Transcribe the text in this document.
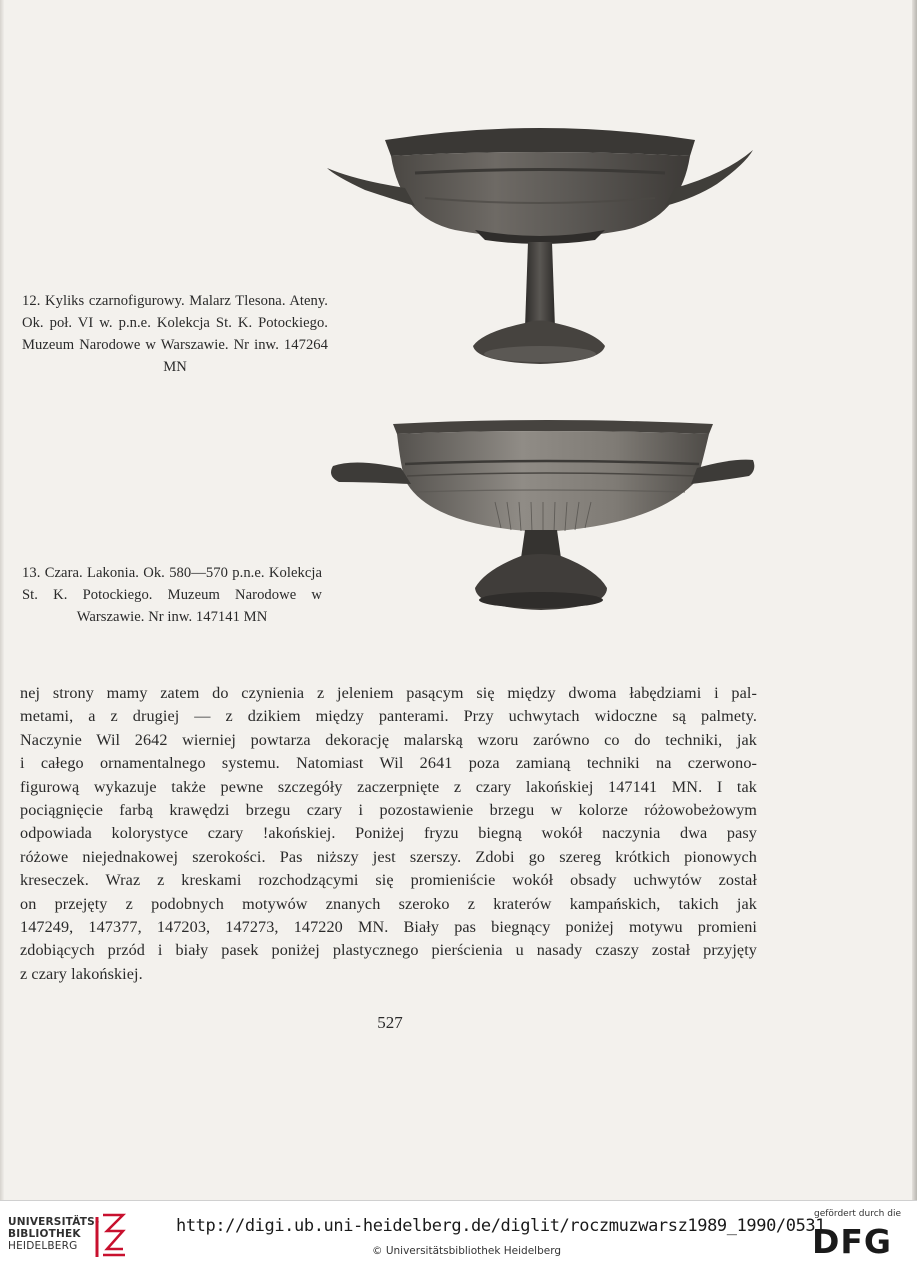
12. Kyliks czarnofigurowy. Malarz Tlesona. Ateny. Ok. poł. VI w. p.n.e. Kolekcja St. K. Potockiego. Muzeum Narodowe w Warszawie. Nr inw. 147264 MN
13. Czara. Lakonia. Ok. 580—570 p.n.e. Kolekcja St. K. Potockiego. Muzeum Narodowe w Warszawie. Nr inw. 147141 MN
nej strony mamy zatem do czynienia z jeleniem pasącym się między dwoma łabędziami i pal-
metami, a z drugiej — z dzikiem między panterami. Przy uchwytach widoczne są palmety.
Naczynie Wil 2642 wierniej powtarza dekorację malarską wzoru zarówno co do techniki, jak
i całego ornamentalnego systemu. Natomiast Wil 2641 poza zamianą techniki na czerwono-
figurową wykazuje także pewne szczegóły zaczerpnięte z czary lakońskiej 147141 MN. I tak
pociągnięcie farbą krawędzi brzegu czary i pozostawienie brzegu w kolorze różowobeżowym
odpowiada kolorystyce czary !akońskiej. Poniżej fryzu biegną wokół naczynia dwa pasy
różowe niejednakowej szerokości. Pas niższy jest szerszy. Zdobi go szereg krótkich pionowych
kreseczek. Wraz z kreskami rozchodzącymi się promieniście wokół obsady uchwytów został
on przejęty z podobnych motywów znanych szeroko z kraterów kampańskich, takich jak
147249, 147377, 147203, 147273, 147220 MN. Biały pas biegnący poniżej motywu promieni
zdobiących przód i biały pasek poniżej plastycznego pierścienia u nasady czaszy został przyjęty
z czary lakońskiej.
527
UNIVERSITÄTS-
BIBLIOTHEK
HEIDELBERG
http://digi.ub.uni-heidelberg.de/diglit/roczmuzwarsz1989_1990/0531
© Universitätsbibliothek Heidelberg
gefördert durch die
DFG
